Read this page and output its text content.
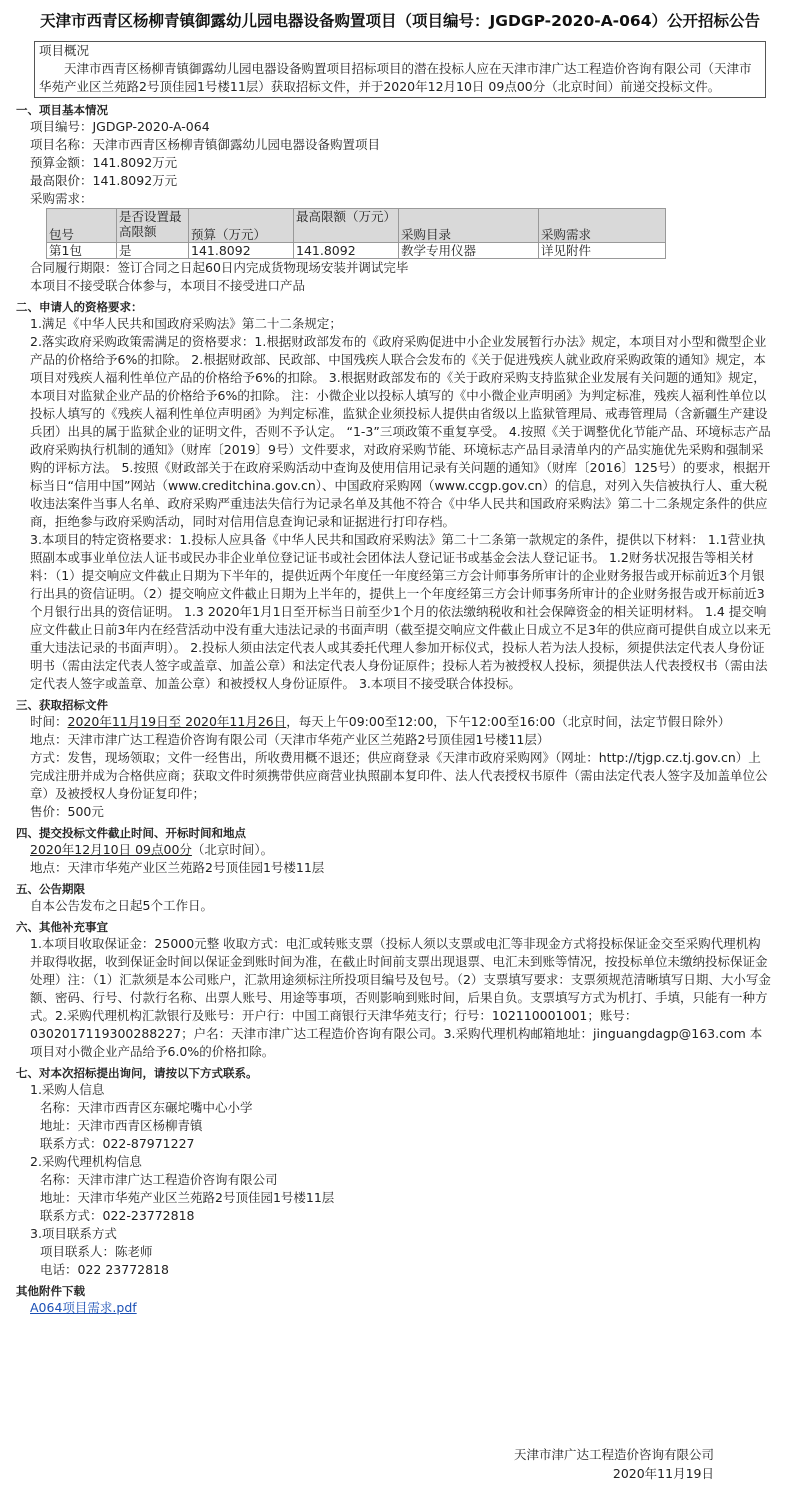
天津市西青区杨柳青镇御露幼儿园电器设备购置项目（项目编号：JGDGP-2020-A-064）公开招标公告
项目概况
天津市西青区杨柳青镇御露幼儿园电器设备购置项目招标项目的潜在投标人应在天津市津广达工程造价咨询有限公司（天津市华苑产业区兰苑路2号顶佳园1号楼11层）获取招标文件，并于2020年12月10日 09点00分（北京时间）前递交投标文件。
一、项目基本情况
项目编号：JGDGP-2020-A-064
项目名称：天津市西青区杨柳青镇御露幼儿园电器设备购置项目
预算金额：141.8092万元
最高限价：141.8092万元
采购需求：
包号	是否设置最高限额	预算（万元）	最高限额（万元）	采购目录	采购需求
第1包	是	141.8092	141.8092	教学专用仪器	详见附件
合同履行期限：签订合同之日起60日内完成货物现场安装并调试完毕
本项目不接受联合体参与，本项目不接受进口产品
二、申请人的资格要求：
1.满足《中华人民共和国政府采购法》第二十二条规定；
2.落实政府采购政策需满足的资格要求：1.根据财政部发布的《政府采购促进中小企业发展暂行办法》规定，本项目对小型和微型企业产品的价格给予6%的扣除。 2.根据财政部、民政部、中国残疾人联合会发布的《关于促进残疾人就业政府采购政策的通知》规定，本项目对残疾人福利性单位产品的价格给予6%的扣除。 3.根据财政部发布的《关于政府采购支持监狱企业发展有关问题的通知》规定，本项目对监狱企业产品的价格给予6%的扣除。 注：小微企业以投标人填写的《中小微企业声明函》为判定标准，残疾人福利性单位以投标人填写的《残疾人福利性单位声明函》为判定标准，监狱企业须投标人提供由省级以上监狱管理局、戒毒管理局（含新疆生产建设兵团）出具的属于监狱企业的证明文件，否则不予认定。 “1-3”三项政策不重复享受。 4.按照《关于调整优化节能产品、环境标志产品政府采购执行机制的通知》（财库〔2019〕9号）文件要求，对政府采购节能、环境标志产品目录清单内的产品实施优先采购和强制采购的评标方法。 5.按照《财政部关于在政府采购活动中查询及使用信用记录有关问题的通知》（财库〔2016〕125号）的要求，根据开标当日“信用中国”网站（www.creditchina.gov.cn）、中国政府采购网（www.ccgp.gov.cn）的信息，对列入失信被执行人、重大税收违法案件当事人名单、政府采购严重违法失信行为记录名单及其他不符合《中华人民共和国政府采购法》第二十二条规定条件的供应商，拒绝参与政府采购活动，同时对信用信息查询记录和证据进行打印存档。
3.本项目的特定资格要求：1.投标人应具备《中华人民共和国政府采购法》第二十二条第一款规定的条件，提供以下材料： 1.1营业执照副本或事业单位法人证书或民办非企业单位登记证书或社会团体法人登记证书或基金会法人登记证书。 1.2财务状况报告等相关材料：（1）提交响应文件截止日期为下半年的，提供近两个年度任一年度经第三方会计师事务所审计的企业财务报告或开标前近3个月银行出具的资信证明。（2）提交响应文件截止日期为上半年的，提供上一个年度经第三方会计师事务所审计的企业财务报告或开标前近3个月银行出具的资信证明。 1.3 2020年1月1日至开标当日前至少1个月的依法缴纳税收和社会保障资金的相关证明材料。 1.4 提交响应文件截止日前3年内在经营活动中没有重大违法记录的书面声明（截至提交响应文件截止日成立不足3年的供应商可提供自成立以来无重大违法记录的书面声明）。 2.投标人须由法定代表人或其委托代理人参加开标仪式，投标人若为法人投标，须提供法定代表人身份证明书（需由法定代表人签字或盖章、加盖公章）和法定代表人身份证原件；投标人若为被授权人投标，须提供法人代表授权书（需由法定代表人签字或盖章、加盖公章）和被授权人身份证原件。 3.本项目不接受联合体投标。
三、获取招标文件
时间：2020年11月19日至 2020年11月26日，每天上午09:00至12:00，下午12:00至16:00（北京时间，法定节假日除外）
地点：天津市津广达工程造价咨询有限公司（天津市华苑产业区兰苑路2号顶佳园1号楼11层）
方式：发售，现场领取；文件一经售出，所收费用概不退还；供应商登录《天津市政府采购网》（网址：http://tjgp.cz.tj.gov.cn）上完成注册并成为合格供应商；获取文件时须携带供应商营业执照副本复印件、法人代表授权书原件（需由法定代表人签字及加盖单位公章）及被授权人身份证复印件；
售价：500元
四、提交投标文件截止时间、开标时间和地点
2020年12月10日 09点00分（北京时间）。
地点：天津市华苑产业区兰苑路2号顶佳园1号楼11层
五、公告期限
自本公告发布之日起5个工作日。
六、其他补充事宜
1.本项目收取保证金：25000元整 收取方式：电汇或转账支票（投标人须以支票或电汇等非现金方式将投标保证金交至采购代理机构并取得收据，收到保证金时间以保证金到账时间为准，在截止时间前支票出现退票、电汇未到账等情况，按投标单位未缴纳投标保证金处理）注：（1）汇款须是本公司账户，汇款用途须标注所投项目编号及包号。（2）支票填写要求：支票须规范清晰填写日期、大小写金额、密码、行号、付款行名称、出票人账号、用途等事项，否则影响到账时间，后果自负。支票填写方式为机打、手填，只能有一种方式。2.采购代理机构汇款银行及账号：开户行：中国工商银行天津华苑支行；行号：102110001001；账号：0302017119300288227；户名：天津市津广达工程造价咨询有限公司。3.采购代理机构邮箱地址：jinguangdagp@163.com 本项目对小微企业产品给予6.0%的价格扣除。
七、对本次招标提出询问，请按以下方式联系。
1.采购人信息
名称：天津市西青区东碾坨嘴中心小学
地址：天津市西青区杨柳青镇
联系方式：022-87971227
2.采购代理机构信息
名称：天津市津广达工程造价咨询有限公司
地址：天津市华苑产业区兰苑路2号顶佳园1号楼11层
联系方式：022-23772818
3.项目联系方式
项目联系人：陈老师
电话：022 23772818
其他附件下载
A064项目需求.pdf
天津市津广达工程造价咨询有限公司
2020年11月19日
